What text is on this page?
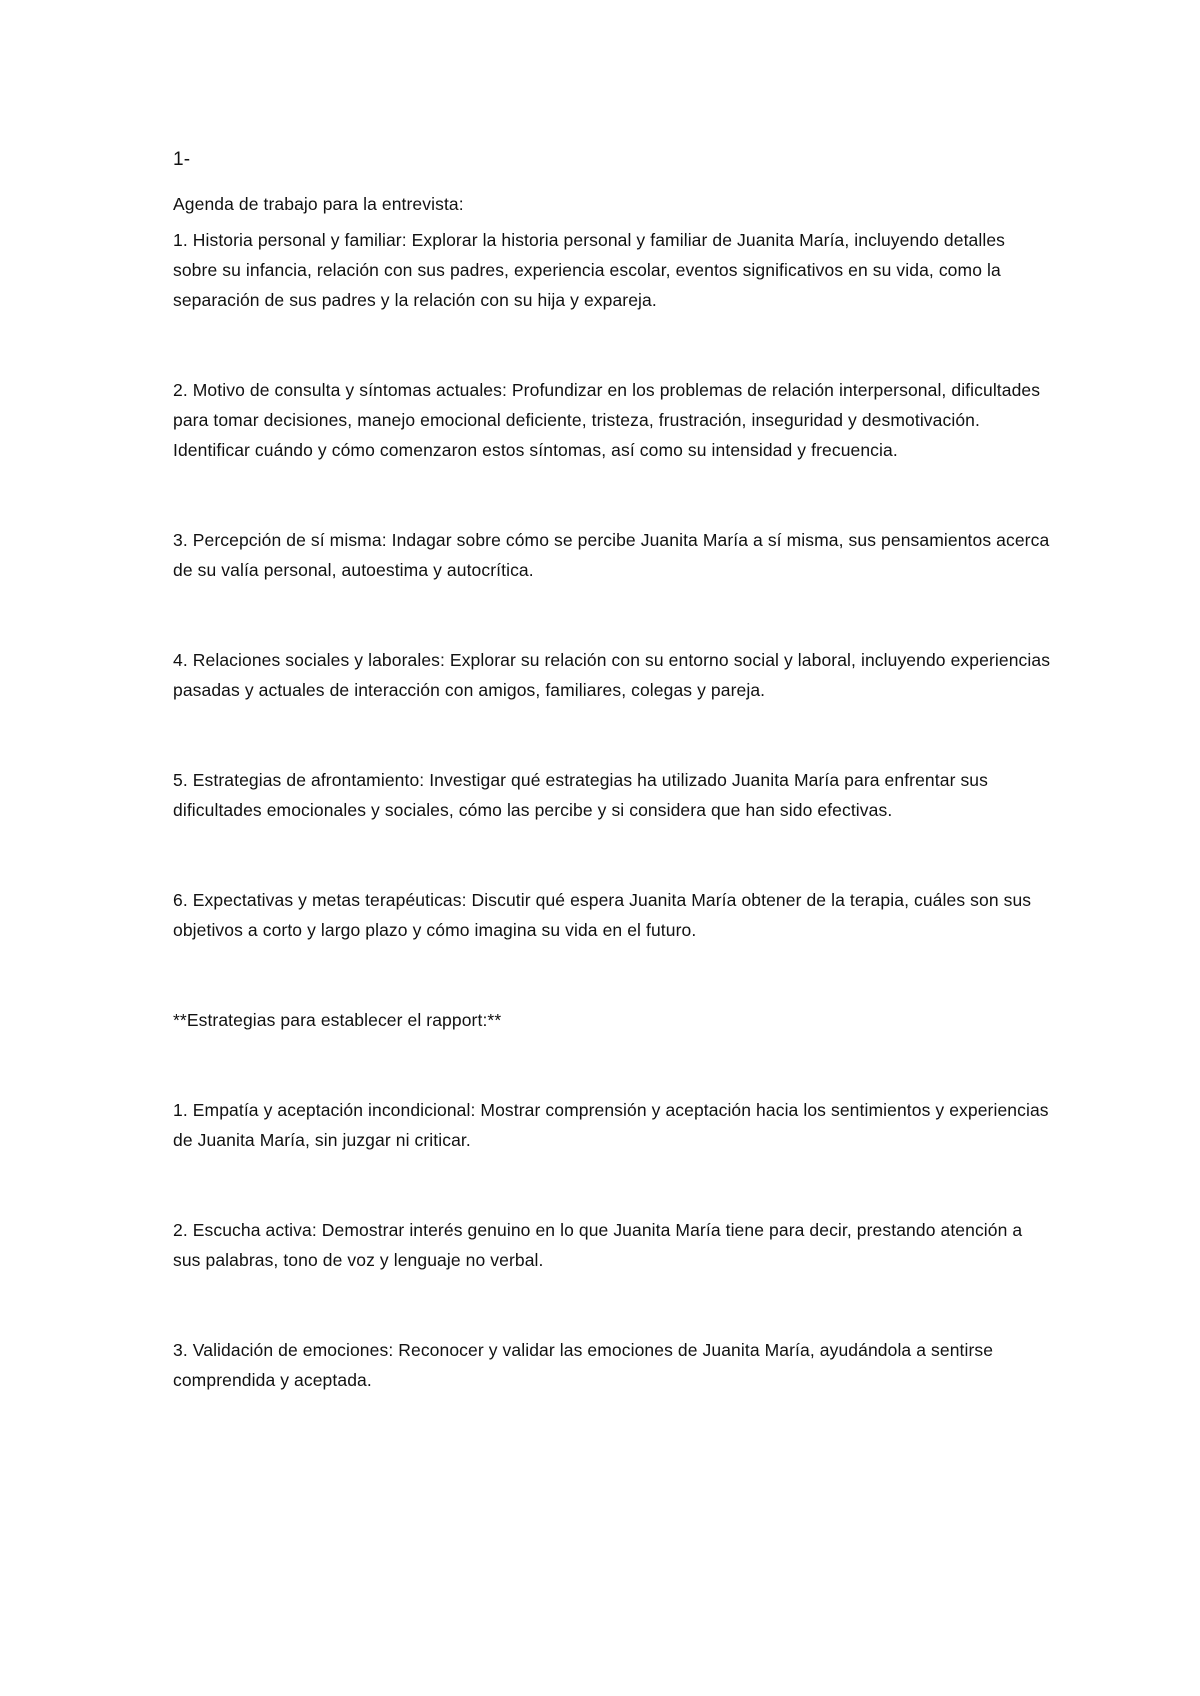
1-

Agenda de trabajo para la entrevista:

1. Historia personal y familiar: Explorar la historia personal y familiar de Juanita María, incluyendo detalles sobre su infancia, relación con sus padres, experiencia escolar, eventos significativos en su vida, como la separación de sus padres y la relación con su hija y expareja.

2. Motivo de consulta y síntomas actuales: Profundizar en los problemas de relación interpersonal, dificultades para tomar decisiones, manejo emocional deficiente, tristeza, frustración, inseguridad y desmotivación. Identificar cuándo y cómo comenzaron estos síntomas, así como su intensidad y frecuencia.

3. Percepción de sí misma: Indagar sobre cómo se percibe Juanita María a sí misma, sus pensamientos acerca de su valía personal, autoestima y autocrítica.

4. Relaciones sociales y laborales: Explorar su relación con su entorno social y laboral, incluyendo experiencias pasadas y actuales de interacción con amigos, familiares, colegas y pareja.

5. Estrategias de afrontamiento: Investigar qué estrategias ha utilizado Juanita María para enfrentar sus dificultades emocionales y sociales, cómo las percibe y si considera que han sido efectivas.

6. Expectativas y metas terapéuticas: Discutir qué espera Juanita María obtener de la terapia, cuáles son sus objetivos a corto y largo plazo y cómo imagina su vida en el futuro.

**Estrategias para establecer el rapport:**

1. Empatía y aceptación incondicional: Mostrar comprensión y aceptación hacia los sentimientos y experiencias de Juanita María, sin juzgar ni criticar.

2. Escucha activa: Demostrar interés genuino en lo que Juanita María tiene para decir, prestando atención a sus palabras, tono de voz y lenguaje no verbal.

3. Validación de emociones: Reconocer y validar las emociones de Juanita María, ayudándola a sentirse comprendida y aceptada.
